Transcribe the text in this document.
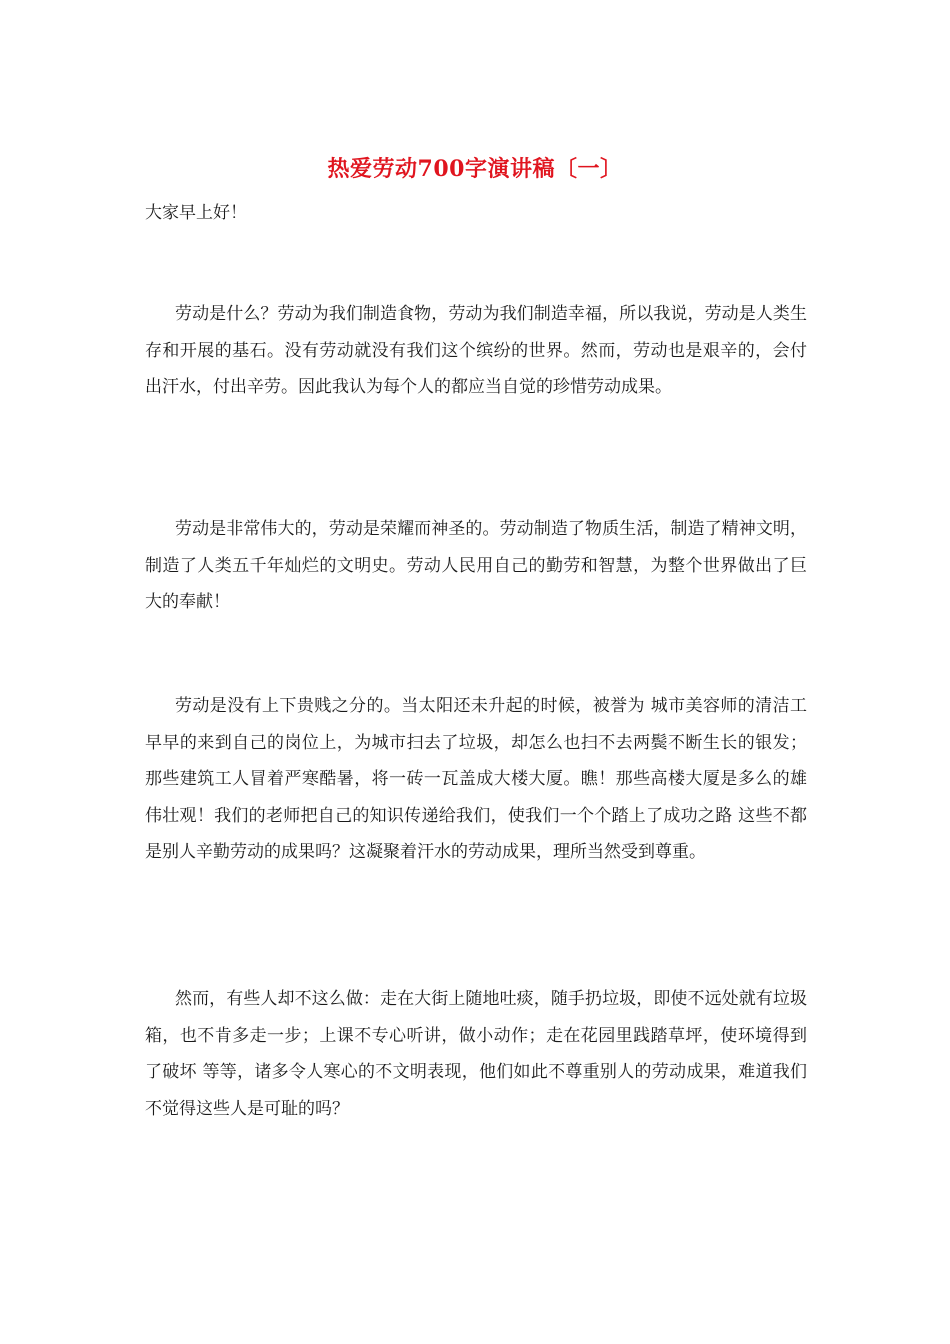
热爱劳动700字演讲稿〔一〕
大家早上好！

劳动是什么？劳动为我们制造食物，劳动为我们制造幸福，所以我说，劳动是人类生存和开展的基石。没有劳动就没有我们这个缤纷的世界。然而，劳动也是艰辛的，会付出汗水，付出辛劳。因此我认为每个人的都应当自觉的珍惜劳动成果。

劳动是非常伟大的，劳动是荣耀而神圣的。劳动制造了物质生活，制造了精神文明，制造了人类五千年灿烂的文明史。劳动人民用自己的勤劳和智慧，为整个世界做出了巨大的奉献！

劳动是没有上下贵贱之分的。当太阳还未升起的时候，被誉为 城市美容师的清洁工早早的来到自己的岗位上，为城市扫去了垃圾，却怎么也扫不去两鬓不断生长的银发；那些建筑工人冒着严寒酷暑，将一砖一瓦盖成大楼大厦。瞧！那些高楼大厦是多么的雄伟壮观！我们的老师把自己的知识传递给我们，使我们一个个踏上了成功之路 这些不都是别人辛勤劳动的成果吗？这凝聚着汗水的劳动成果，理所当然受到尊重。

然而，有些人却不这么做：走在大街上随地吐痰，随手扔垃圾，即使不远处就有垃圾箱，也不肯多走一步；上课不专心听讲，做小动作；走在花园里践踏草坪，使环境得到了破坏 等等，诸多令人寒心的不文明表现，他们如此不尊重别人的劳动成果，难道我们不觉得这些人是可耻的吗？
